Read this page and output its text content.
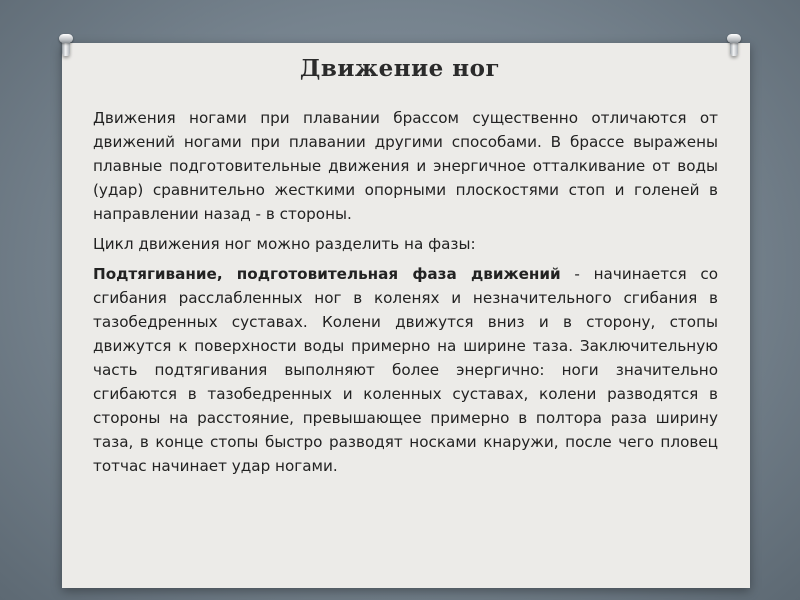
Движение ног

Движения ногами при плавании брассом существенно отличаются от движений ногами при плавании другими способами. В брассе выражены плавные подготовительные движения и энергичное отталкивание от воды (удар) сравнительно жесткими опорными плоскостями стоп и голеней в направлении назад - в стороны.

Цикл движения ног можно разделить на фазы:

Подтягивание, подготовительная фаза движений - начинается со сгибания расслабленных ног в коленях и незначительного сгибания в тазобедренных суставах. Колени движутся вниз и в сторону, стопы движутся к поверхности воды примерно на ширине таза. Заключительную часть подтягивания выполняют более энергично: ноги значительно сгибаются в тазобедренных и коленных суставах, колени разводятся в стороны на расстояние, превышающее примерно в полтора раза ширину таза, в конце стопы быстро разводят носками кнаружи, после чего пловец тотчас начинает удар ногами.
